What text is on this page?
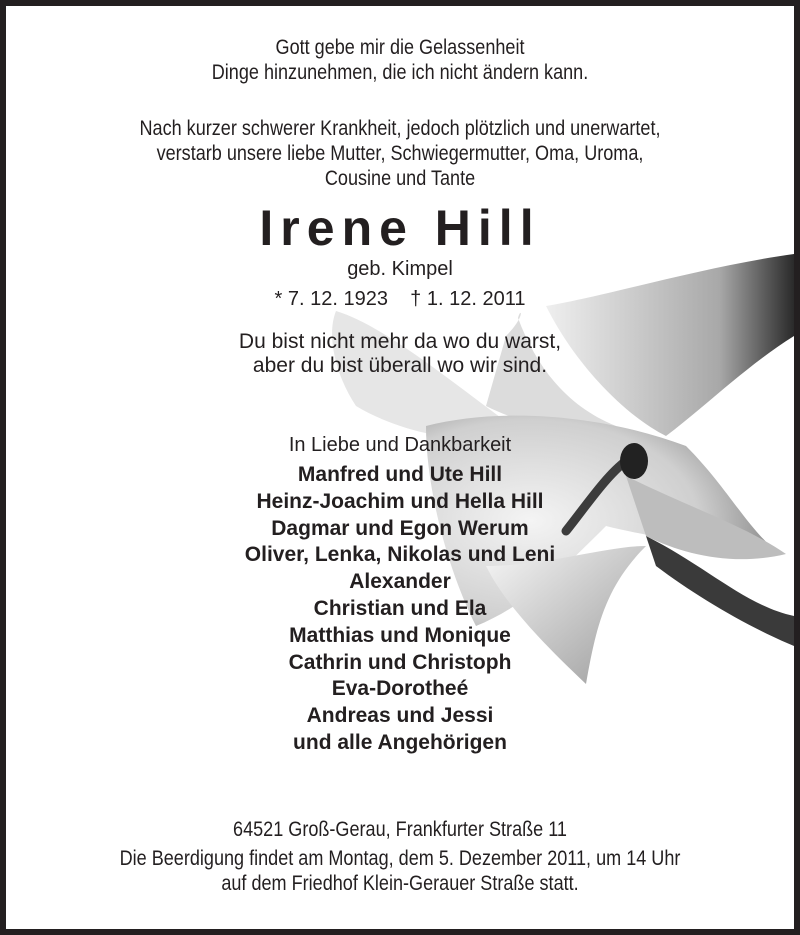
Gott gebe mir die Gelassenheit
Dinge hinzunehmen, die ich nicht ändern kann.
Nach kurzer schwerer Krankheit, jedoch plötzlich und unerwartet,
verstarb unsere liebe Mutter, Schwiegermutter, Oma, Uroma,
Cousine und Tante
Irene Hill
geb. Kimpel
* 7. 12. 1923    † 1. 12. 2011
Du bist nicht mehr da wo du warst,
aber du bist überall wo wir sind.
In Liebe und Dankbarkeit
Manfred und Ute Hill
Heinz-Joachim und Hella Hill
Dagmar und Egon Werum
Oliver, Lenka, Nikolas und Leni
Alexander
Christian und Ela
Matthias und Monique
Cathrin und Christoph
Eva-Dorotheé
Andreas und Jessi
und alle Angehörigen
64521 Groß-Gerau, Frankfurter Straße 11
Die Beerdigung findet am Montag, dem 5. Dezember 2011, um 14 Uhr
auf dem Friedhof Klein-Gerauer Straße statt.
